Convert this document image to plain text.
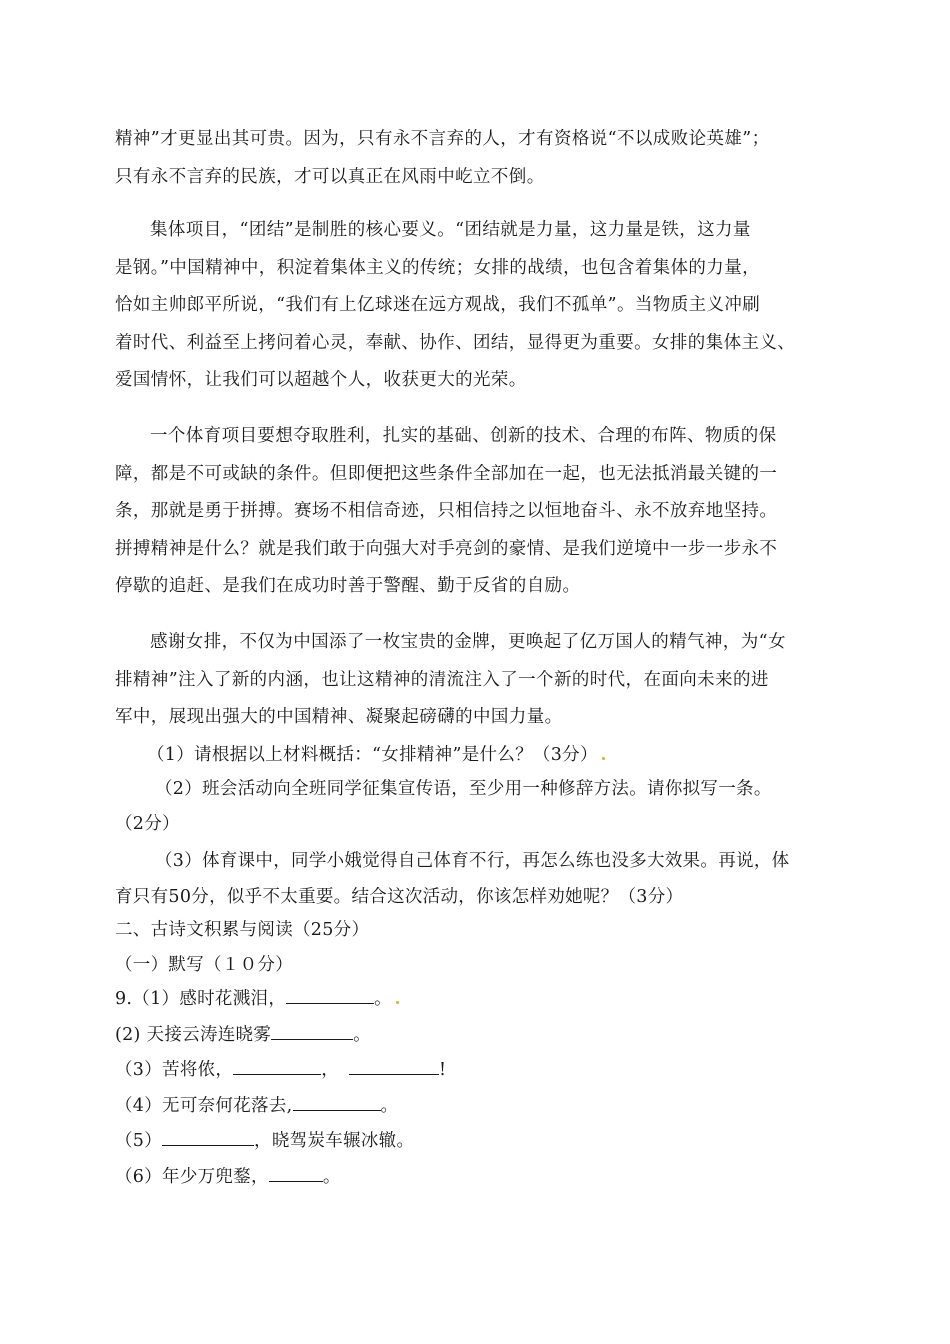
精神”才更显出其可贵。因为，只有永不言弃的人，才有资格说“不以成败论英雄”；
只有永不言弃的民族，才可以真正在风雨中屹立不倒。

集体项目，“团结”是制胜的核心要义。“团结就是力量，这力量是铁，这力量
是钢。”中国精神中，积淀着集体主义的传统；女排的战绩，也包含着集体的力量，
恰如主帅郎平所说，“我们有上亿球迷在远方观战，我们不孤单”。当物质主义冲刷
着时代、利益至上拷问着心灵，奉献、协作、团结，显得更为重要。女排的集体主义、
爱国情怀，让我们可以超越个人，收获更大的光荣。

一个体育项目要想夺取胜利，扎实的基础、创新的技术、合理的布阵、物质的保
障，都是不可或缺的条件。但即便把这些条件全部加在一起，也无法抵消最关键的一
条，那就是勇于拼搏。赛场不相信奇迹，只相信持之以恒地奋斗、永不放弃地坚持。
拼搏精神是什么？就是我们敢于向强大对手亮剑的豪情、是我们逆境中一步一步永不
停歇的追赶、是我们在成功时善于警醒、勤于反省的自励。

感谢女排，不仅为中国添了一枚宝贵的金牌，更唤起了亿万国人的精气神，为“女
排精神”注入了新的内涵，也让这精神的清流注入了一个新的时代，在面向未来的进
军中，展现出强大的中国精神、凝聚起磅礴的中国力量。

（1）请根据以上材料概括：“女排精神”是什么？（3分）
（2）班会活动向全班同学征集宣传语，至少用一种修辞方法。请你拟写一条。
（2分）
（3）体育课中，同学小娥觉得自己体育不行，再怎么练也没多大效果。再说，体
育只有50分，似乎不太重要。结合这次活动，你该怎样劝她呢？（3分）
二、古诗文积累与阅读（25分）
（一）默写（１０分）
9.（1）感时花溅泪，	。
(2) 天接云涛连晓雾	。
（3）苦将侬，	，	!
（4）无可奈何花落去,	。
（5）	，晓驾炭车辗冰辙。
（6）年少万兜鍪，	。
